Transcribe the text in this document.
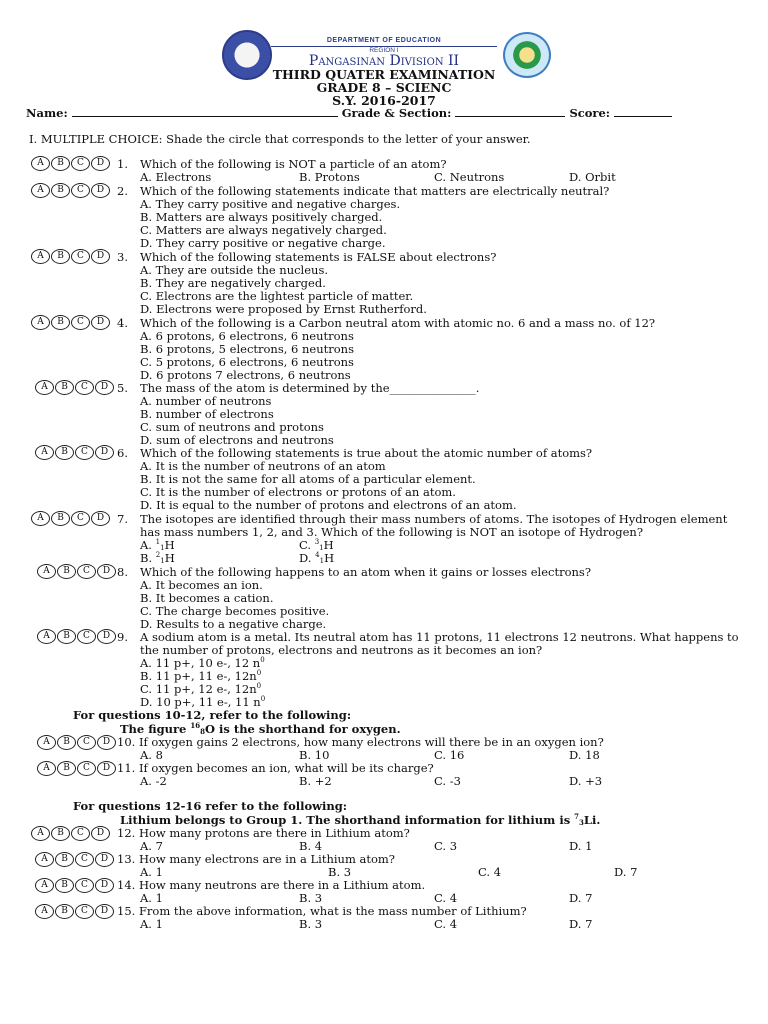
DEPARTMENT OF EDUCATION
REGION I
Pangasinan Division II
THIRD QUATER EXAMINATION
GRADE 8 – SCIENC
S.Y. 2016-2017
Name:	Grade & Section:	Score:
I. MULTIPLE CHOICE: Shade the circle that corresponds to the letter of your answer.
A	B	C	D	1. Which of the following is NOT a particle of an atom?
A. Electrons	B. Protons	C. Neutrons	D. Orbit
A	B	C	D	2. Which of the following statements indicate that matters are electrically neutral?
A. They carry positive and negative charges.
B. Matters are always positively charged.
C. Matters are always negatively charged.
D. They carry positive or negative charge.
A	B	C	D	3. Which of the following statements is FALSE about electrons?
A. They are outside the nucleus.
B. They are negatively charged.
C. Electrons are the lightest particle of matter.
D. Electrons were proposed by Ernst Rutherford.
A	B	C	D	4. Which of the following is a Carbon neutral atom with atomic no. 6 and a mass no. of 12?
A. 6 protons, 6 electrons, 6 neutrons
B. 6 protons, 5 electrons, 6 neutrons
C. 5 protons, 6 electrons, 6 neutrons
D. 6 protons 7 electrons, 6 neutrons
A	B	C	D 5. The mass of the atom is determined by the_______________.
A. number of neutrons
B. number of electrons
C. sum of neutrons and protons
D. sum of electrons and neutrons
A	B	C	D 6. Which of the following statements is true about the atomic number of atoms?
A. It is the number of neutrons of an atom
B. It is not the same for all atoms of a particular element.
C. It is the number of electrons or protons of an atom.
D. It is equal to the number of protons and electrons of an atom.
A	B	C	D	7. The isotopes are identified through their mass numbers of atoms. The isotopes of Hydrogen element
has mass numbers 1, 2, and 3. Which of the following is NOT an isotope of Hydrogen?
A. $^1_1$H
B. $^2_1$H
C. $^3_1$H
D. $^4_1$H
A	B	C	D 8. Which of the following happens to an atom when it gains or losses electrons?
A. It becomes an ion.
B. It becomes a cation.
C. The charge becomes positive.
D. Results to a negative charge.
A	B	C	D 9. A sodium atom is a metal. Its neutral atom has 11 protons, 11 electrons 12 neutrons. What happens to
the number of protons, electrons and neutrons as it becomes an ion?
A. 11 p+, 10 e-, 12 $n^0$
B. 11 p+, 11 e-, $12n^0$
C. 11 p+, 12 e-, $12n^0$
D. 10 p+, 11 e-, 11 $n^0$
For questions 10-12, refer to the following:
The figure $^{16}_8$O is the shorthand for oxygen.
A	B	C	D 10. If oxygen gains 2 electrons, how many electrons will there be in an oxygen ion?
A. 8	B. 10	C. 16	D. 18
A	B	C	D 11. If oxygen becomes an ion, what will be its charge?
A. -2	B. +2	C. -3	D. +3
For questions 12-16 refer to the following:
Lithium belongs to Group 1. The shorthand information for lithium is $^7_3$Li.
A	B	C	D	12. How many protons are there in Lithium atom?
A. 7	B. 4	C. 3	D. 1
A	B	C	D 13. How many electrons are in a Lithium atom?
A. 1	B. 3	C. 4	D. 7
A	B	C	D 14. How many neutrons are there in a Lithium atom.
A. 1	B. 3	C. 4	D. 7
A	B	C	D 15. From the above information, what is the mass number of Lithium?
A. 1	B. 3	C. 4	D. 7
